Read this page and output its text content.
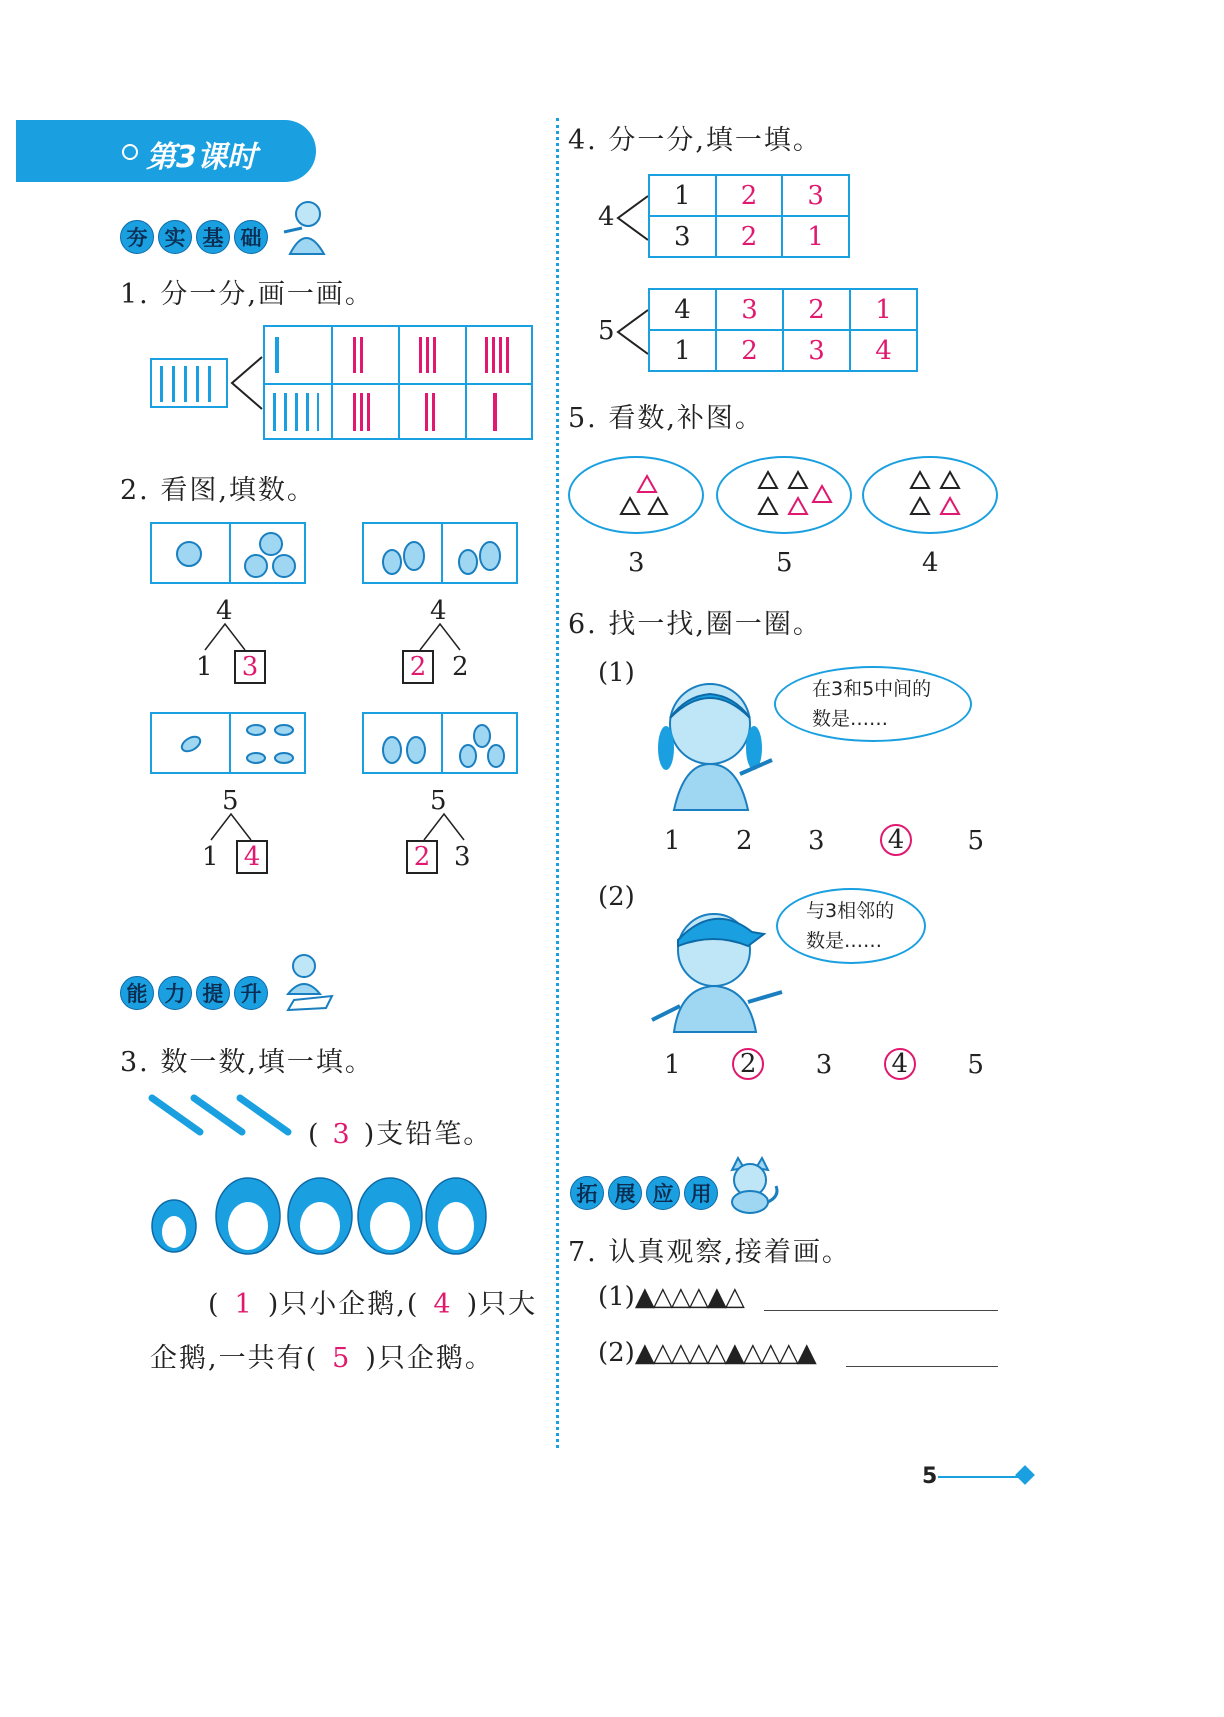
第3课时
夯 实 基 础
1. 分一分,画一画。
2. 看图,填数。
4
1 3
4
2 2
5
1 4
5
2 3
能 力 提 升
3. 数一数,填一填。
( 3 )支铅笔。
( 1 )只小企鹅,( 4 )只大
企鹅,一共有( 5 )只企鹅。
4. 分一分,填一填。
4
1	2	3
3	2	1
5
4	3	2	1
1	2	3	4
5. 看数,补图。
3	5	4
6. 找一找,圈一圈。
(1)
在3和5中间的
数是……
1 2 3 4 5
(2)	与3相邻的
数是……
1 2 3 4 5
拓 展 应 用
7. 认真观察,接着画。
(1)▲△△△▲△
(2)▲△△△△▲△△△▲
5
